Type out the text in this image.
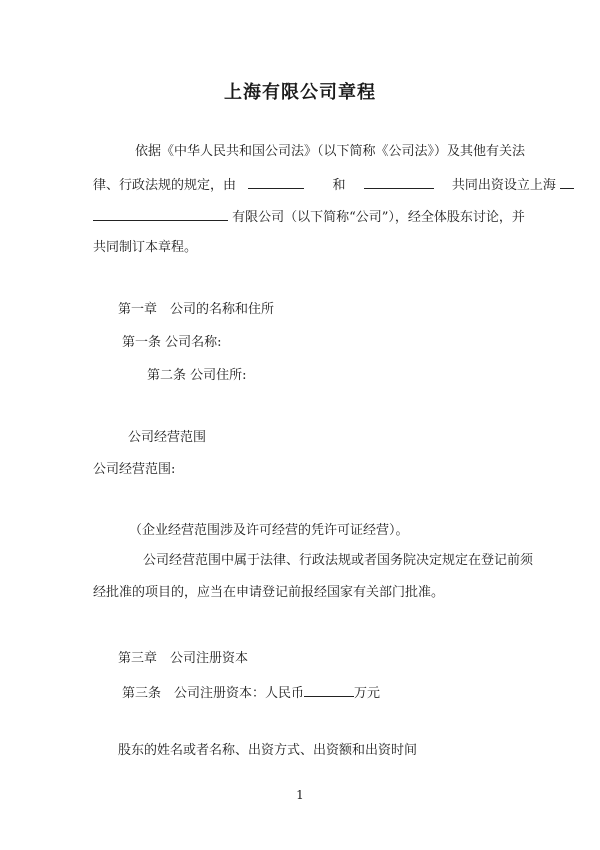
上海有限公司章程
依据《中华人民共和国公司法》（以下简称《公司法》）及其他有关法
律、行政法规的规定，由	和	共同出资设立上海
有限公司（以下简称“公司”），经全体股东讨论，并
共同制订本章程。
第一章　公司的名称和住所
第一条 公司名称:
第二条 公司住所:
公司经营范围
公司经营范围:
（企业经营范围涉及许可经营的凭许可证经营）。
公司经营范围中属于法律、行政法规或者国务院决定规定在登记前须
经批准的项目的，应当在申请登记前报经国家有关部门批准。
第三章　公司注册资本
第三条　公司注册资本：人民币	万元
股东的姓名或者名称、出资方式、出资额和出资时间
1
